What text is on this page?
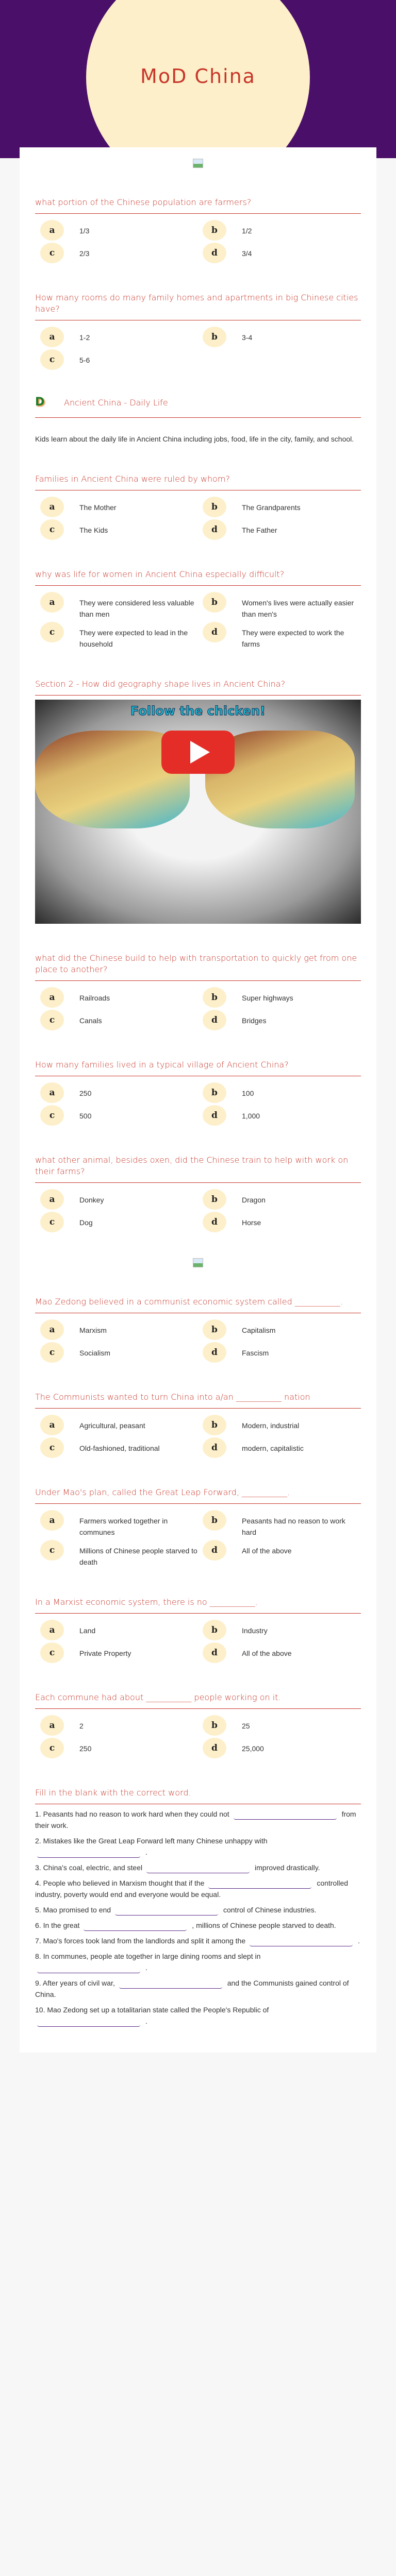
MoD China
what portion of the Chinese population are farmers?
a	1/3	b	1/2
c	2/3	d	3/4
How many rooms do many family homes and apartments in big Chinese cities have?
a	1-2	b	3-4
c	5-6
D	Ancient China - Daily Life

Kids learn about the daily life in Ancient China including jobs, food, life in the city, family, and school.

Families in Ancient China were ruled by whom?
a	The Mother	b	The Grandparents
c	The Kids	d	The Father
why was life for women in Ancient China especially difficult?
a	They were considered less valuable than men
b	Women's lives were actually easier than men's
c	They were expected to lead in the household
d	They were expected to work the farms
Section 2 - How did geography shape lives in Ancient China?
Follow the chicken!
what did the Chinese build to help with transportation to quickly get from one place to another?
a	Railroads	b	Super highways
c	Canals	d	Bridges
How many families lived in a typical village of Ancient China?
a	250	b	100
c	500	d	1,000
what other animal, besides oxen, did the Chinese train to help with work on their farms?
a	Donkey	b	Dragon
c	Dog	d	Horse
Mao Zedong believed in a communist economic system called ___________.
a	Marxism	b	Capitalism
c	Socialism	d	Fascism
The Communists wanted to turn China into a/an ___________ nation
a	Agricultural, peasant	b	Modern, industrial
c	Old-fashioned, traditional	d	modern, capitalistic
Under Mao's plan, called the Great Leap Forward, ___________.
a	Farmers worked together in communes
b	Peasants had no reason to work hard
c	Millions of Chinese people starved to death
d	All of the above
In a Marxist economic system, there is no ___________.
a	Land	b	Industry
c	Private Property	d	All of the above
Each commune had about ___________ people working on it.
a	2	b	25
c	250	d	25,000
Fill in the blank with the correct word.

1. Peasants had no reason to work hard when they could not	from their work.

2. Mistakes like the Great Leap Forward left many Chinese unhappy with .

3. China's coal, electric, and steel	improved drastically.

4. People who believed in Marxism thought that if the	controlled industry, poverty would end and everyone would be equal.

5. Mao promised to end	control of Chinese industries.

6. In the great	, millions of Chinese people starved to death.

7. Mao's forces took land from the landlords and split it among the	.

8. In communes, people ate together in large dining rooms and slept in .

9. After years of civil war,	and the Communists gained control of China.

10. Mao Zedong set up a totalitarian state called the People's Republic of .
